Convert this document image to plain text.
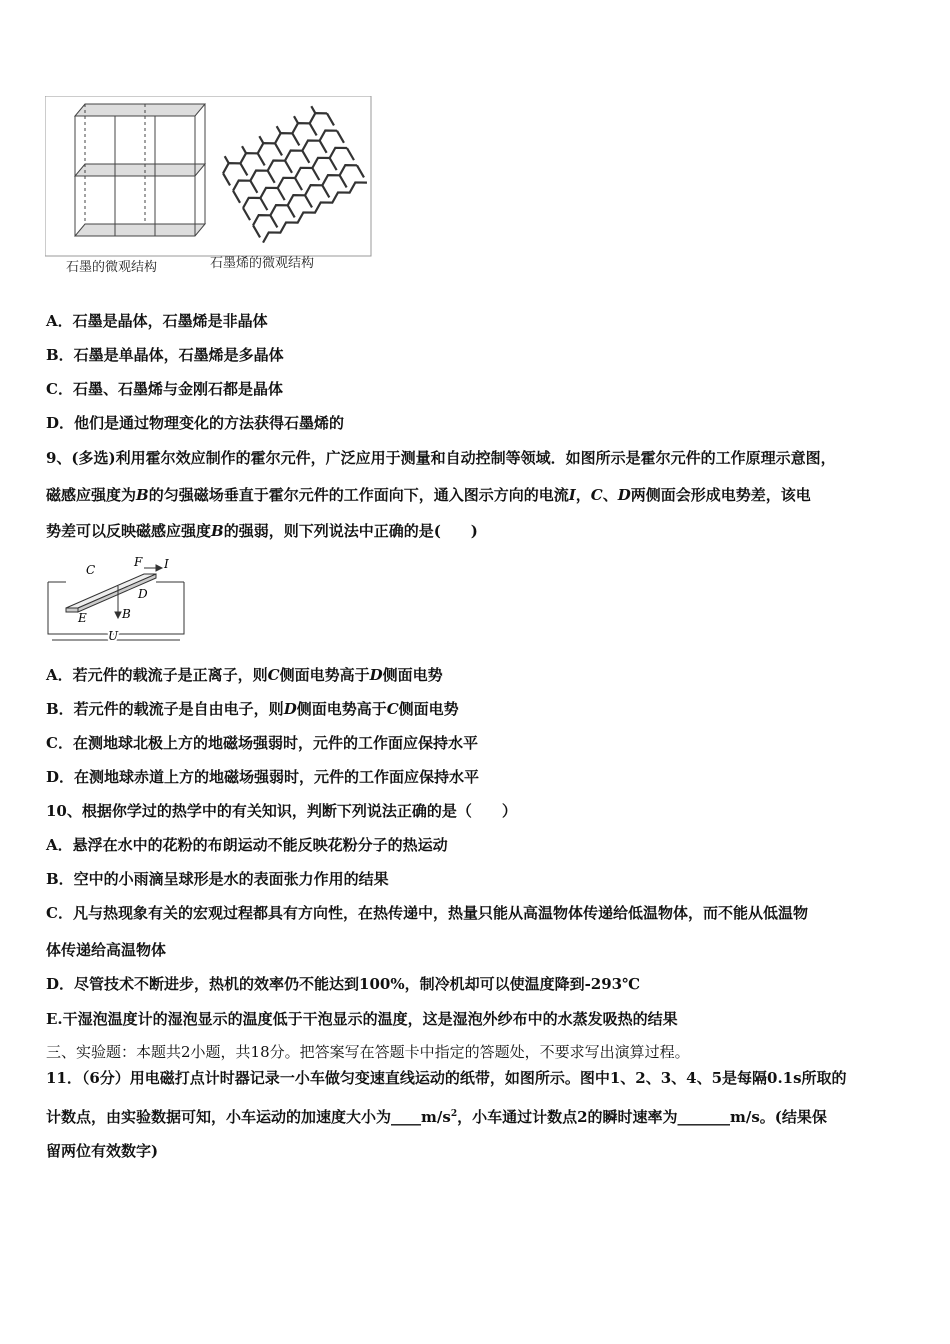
石墨的微观结构	石墨烯的微观结构
A．石墨是晶体，石墨烯是非晶体
B．石墨是单晶体，石墨烯是多晶体
C．石墨、石墨烯与金刚石都是晶体
D．他们是通过物理变化的方法获得石墨烯的
9、(多选)利用霍尔效应制作的霍尔元件，广泛应用于测量和自动控制等领域．如图所示是霍尔元件的工作原理示意图，
磁感应强度为B的匀强磁场垂直于霍尔元件的工作面向下，通入图示方向的电流I，C、D两侧面会形成电势差，该电
势差可以反映磁感应强度B的强弱，则下列说法中正确的是(　　)
C
F I
D
B
E
U
A．若元件的载流子是正离子，则C侧面电势高于D侧面电势
B．若元件的载流子是自由电子，则D侧面电势高于C侧面电势
C．在测地球北极上方的地磁场强弱时，元件的工作面应保持水平
D．在测地球赤道上方的地磁场强弱时，元件的工作面应保持水平
10、根据你学过的热学中的有关知识，判断下列说法正确的是（　　）
A．悬浮在水中的花粉的布朗运动不能反映花粉分子的热运动
B．空中的小雨滴呈球形是水的表面张力作用的结果
C．凡与热现象有关的宏观过程都具有方向性，在热传递中，热量只能从高温物体传递给低温物体，而不能从低温物
体传递给高温物体
D．尽管技术不断进步，热机的效率仍不能达到100%，制冷机却可以使温度降到-293℃
E.干湿泡温度计的湿泡显示的温度低于干泡显示的温度，这是湿泡外纱布中的水蒸发吸热的结果
三、实验题：本题共2小题，共18分。把答案写在答题卡中指定的答题处，不要求写出演算过程。
11．（6分）用电磁打点计时器记录一小车做匀变速直线运动的纸带，如图所示。图中1、2、3、4、5是每隔0.1s所取的
计数点，由实验数据可知，小车运动的加速度大小为$\_\_\_\_m/s^2$，小车通过计数点2的瞬时速率为_______m/s。(结果保
留两位有效数字)
